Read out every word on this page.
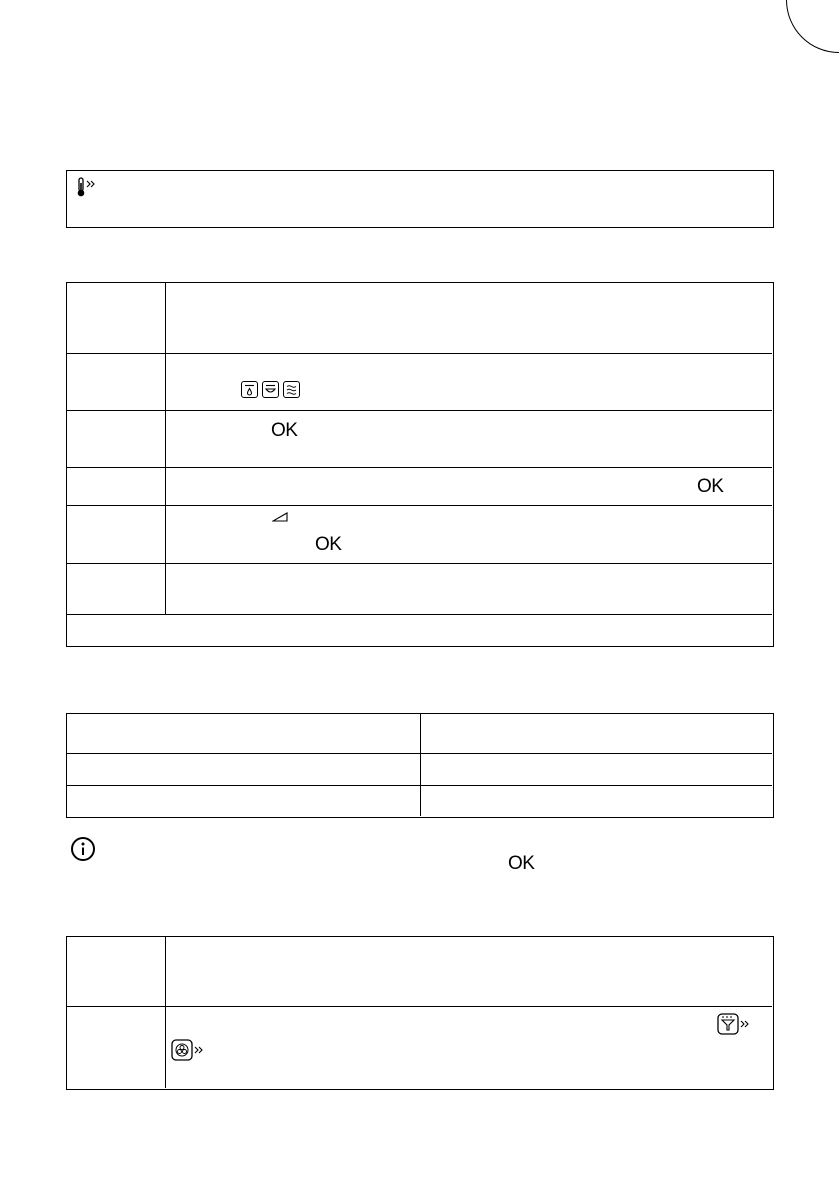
OK
OK
OK
OK
